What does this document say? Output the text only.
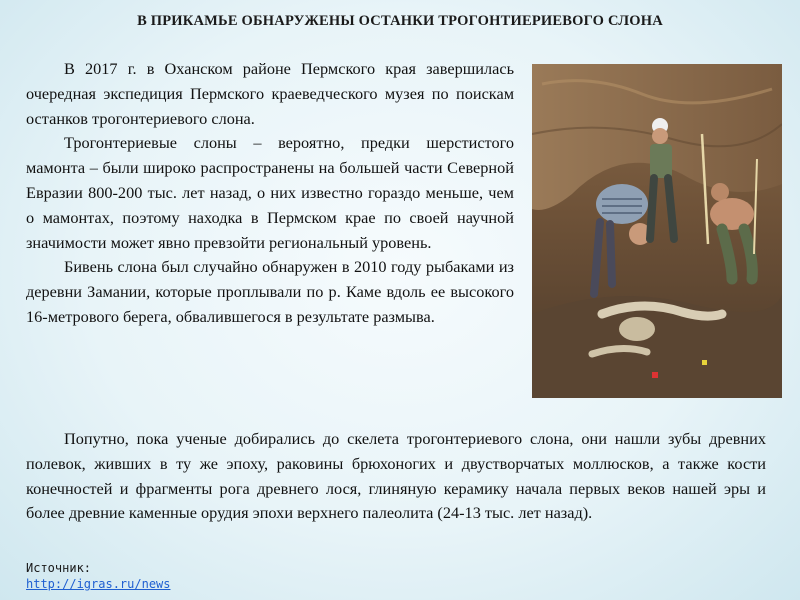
В ПРИКАМЬЕ ОБНАРУЖЕНЫ ОСТАНКИ ТРОГОНТИЕРИЕВОГО СЛОНА

В 2017 г. в Оханском районе Пермского края завершилась очередная экспедиция Пермского краеведческого музея по поискам останков трогонтериевого слона.

Трогонтериевые слоны – вероятно, предки шерстистого мамонта – были широко распространены на большей части Северной Евразии 800-200 тыс. лет назад, о них известно гораздо меньше, чем о мамонтах, поэтому находка в Пермском крае по своей научной значимости может явно превзойти региональный уровень.

Бивень слона был случайно обнаружен в 2010 году рыбаками из деревни Замании, которые проплывали по р. Каме вдоль ее высокого 16-метрового берега, обвалившегося в результате размыва.

Попутно, пока ученые добирались до скелета трогонтериевого слона, они нашли зубы древних полевок, живших в ту же эпоху, раковины брюхоногих и двустворчатых моллюсков, а также кости конечностей и фрагменты рога древнего лося, глиняную керамику начала первых веков нашей эры и более древние каменные орудия эпохи верхнего палеолита (24-13 тыс. лет назад).

Источник:
http://igras.ru/news
